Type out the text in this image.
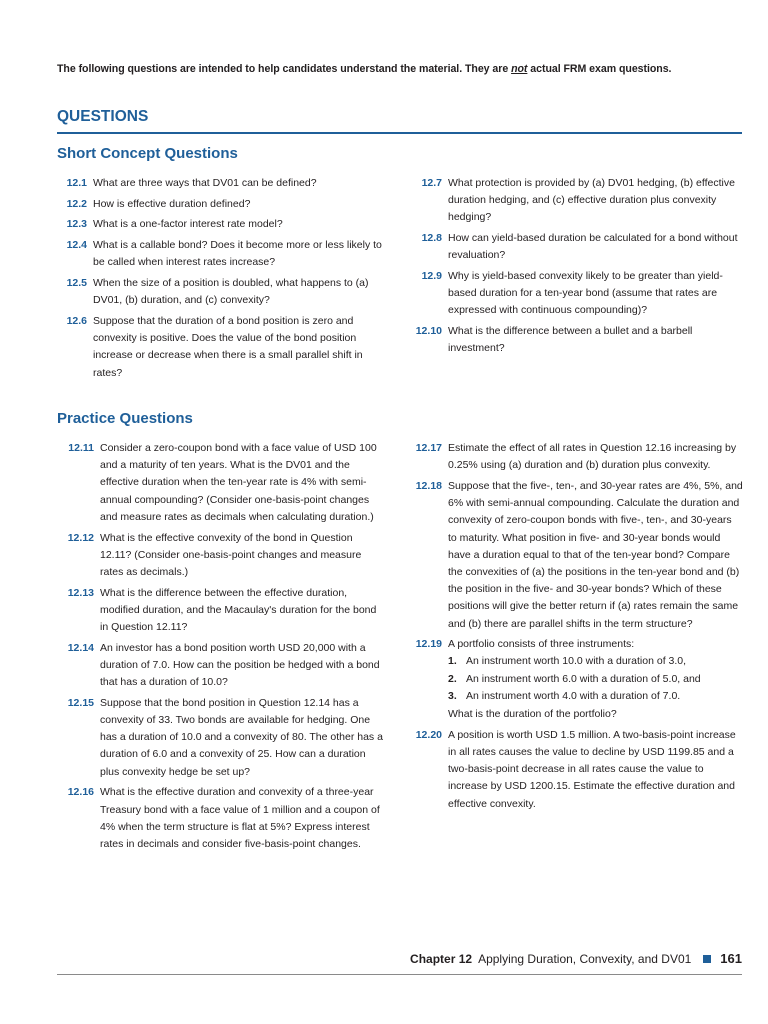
The following questions are intended to help candidates understand the material. They are not actual FRM exam questions.
QUESTIONS
Short Concept Questions
12.1 What are three ways that DV01 can be defined?
12.2 How is effective duration defined?
12.3 What is a one-factor interest rate model?
12.4 What is a callable bond? Does it become more or less likely to be called when interest rates increase?
12.5 When the size of a position is doubled, what happens to (a) DV01, (b) duration, and (c) convexity?
12.6 Suppose that the duration of a bond position is zero and convexity is positive. Does the value of the bond position increase or decrease when there is a small parallel shift in rates?
12.7 What protection is provided by (a) DV01 hedging, (b) effective duration hedging, and (c) effective duration plus convexity hedging?
12.8 How can yield-based duration be calculated for a bond without revaluation?
12.9 Why is yield-based convexity likely to be greater than yield-based duration for a ten-year bond (assume that rates are expressed with continuous compounding)?
12.10 What is the difference between a bullet and a barbell investment?
Practice Questions
12.11 Consider a zero-coupon bond with a face value of USD 100 and a maturity of ten years. What is the DV01 and the effective duration when the ten-year rate is 4% with semi-annual compounding? (Consider one-basis-point changes and measure rates as decimals when calculating duration.)
12.12 What is the effective convexity of the bond in Question 12.11? (Consider one-basis-point changes and measure rates as decimals.)
12.13 What is the difference between the effective duration, modified duration, and the Macaulay's duration for the bond in Question 12.11?
12.14 An investor has a bond position worth USD 20,000 with a duration of 7.0. How can the position be hedged with a bond that has a duration of 10.0?
12.15 Suppose that the bond position in Question 12.14 has a convexity of 33. Two bonds are available for hedging. One has a duration of 10.0 and a convexity of 80. The other has a duration of 6.0 and a convexity of 25. How can a duration plus convexity hedge be set up?
12.16 What is the effective duration and convexity of a three-year Treasury bond with a face value of 1 million and a coupon of 4% when the term structure is flat at 5%? Express interest rates in decimals and consider five-basis-point changes.
12.17 Estimate the effect of all rates in Question 12.16 increasing by 0.25% using (a) duration and (b) duration plus convexity.
12.18 Suppose that the five-, ten-, and 30-year rates are 4%, 5%, and 6% with semi-annual compounding. Calculate the duration and convexity of zero-coupon bonds with five-, ten-, and 30-years to maturity. What position in five- and 30-year bonds would have a duration equal to that of the ten-year bond? Compare the convexities of (a) the positions in the ten-year bond and (b) the position in the five- and 30-year bonds? Which of these positions will give the better return if (a) rates remain the same and (b) there are parallel shifts in the term structure?
12.19 A portfolio consists of three instruments:
1. An instrument worth 10.0 with a duration of 3.0,
2. An instrument worth 6.0 with a duration of 5.0, and
3. An instrument worth 4.0 with a duration of 7.0.
What is the duration of the portfolio?
12.20 A position is worth USD 1.5 million. A two-basis-point increase in all rates causes the value to decline by USD 1199.85 and a two-basis-point decrease in all rates cause the value to increase by USD 1200.15. Estimate the effective duration and effective convexity.
Chapter 12 Applying Duration, Convexity, and DV01 161
